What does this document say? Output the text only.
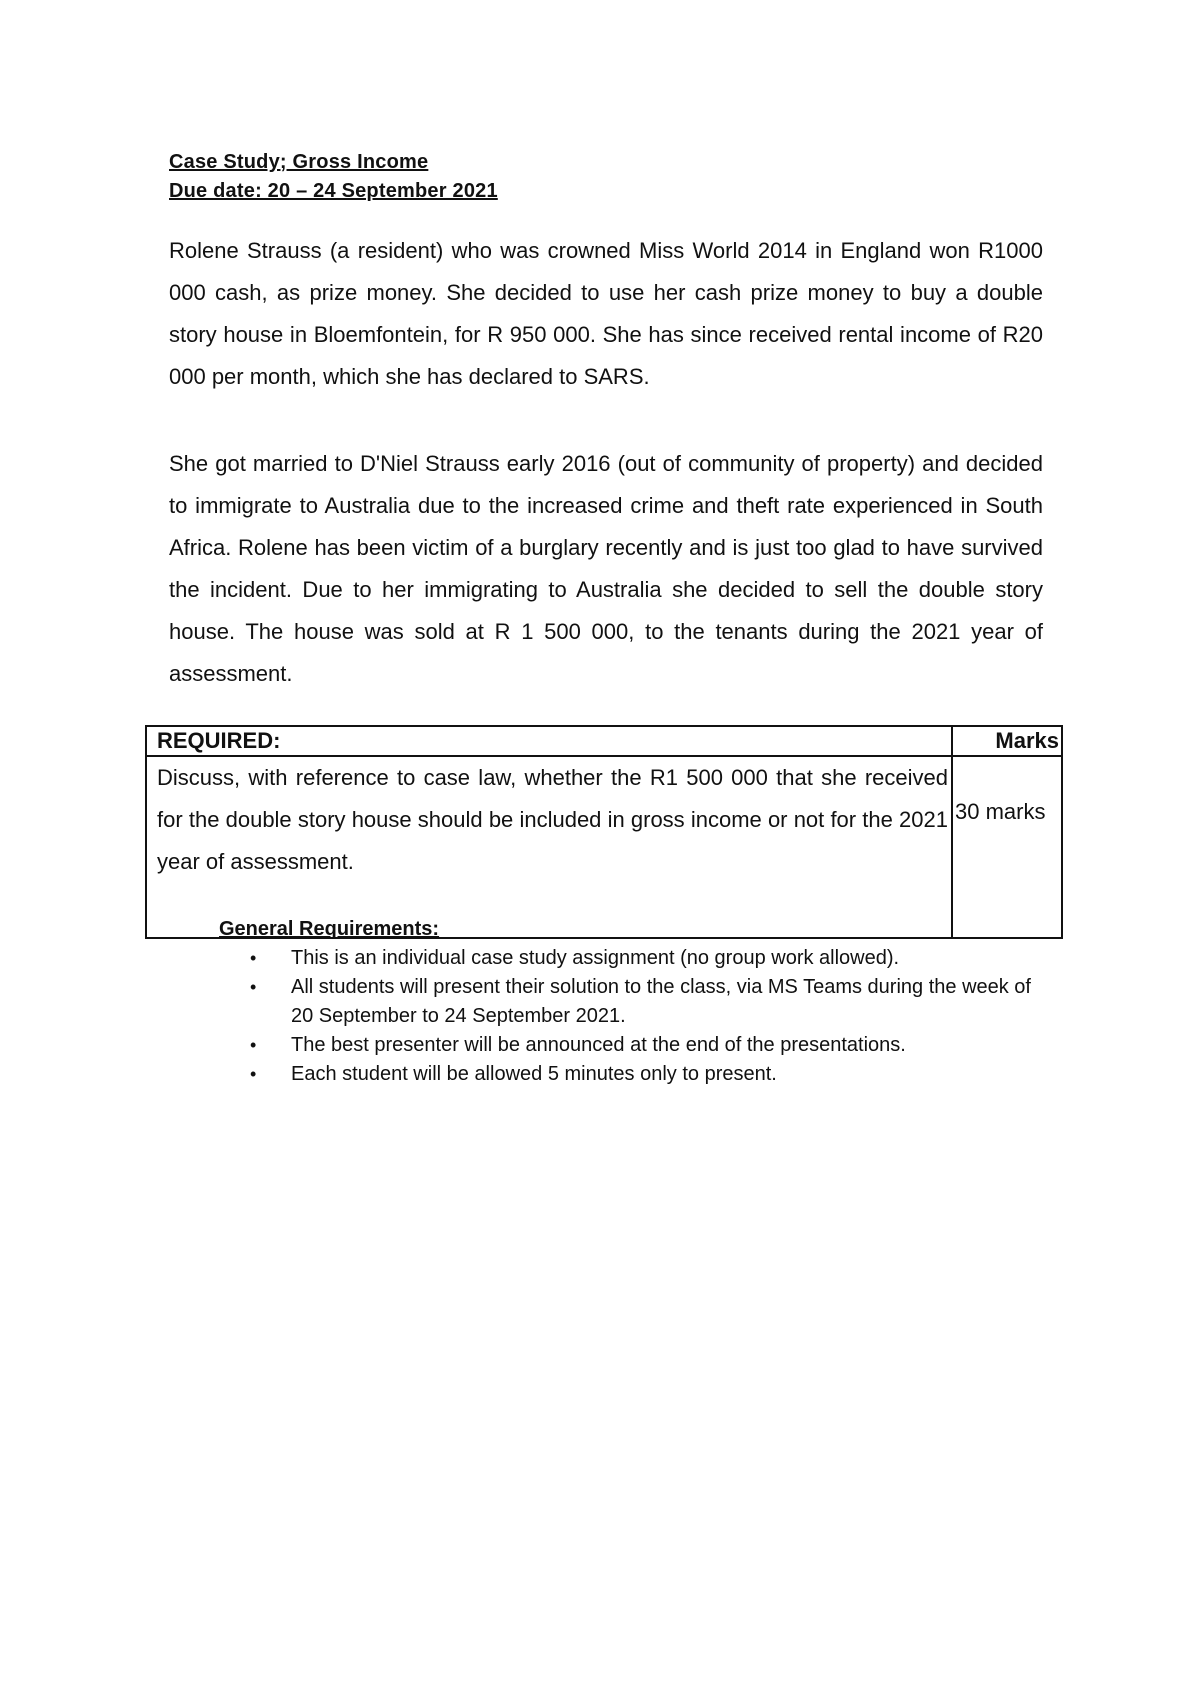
Case Study; Gross Income
Due date: 20 – 24 September 2021

Rolene Strauss (a resident) who was crowned Miss World 2014 in England won R1000 000 cash, as prize money. She decided to use her cash prize money to buy a double story house in Bloemfontein, for R 950 000. She has since received rental income of R20 000 per month, which she has declared to SARS.

She got married to D'Niel Strauss early 2016 (out of community of property) and decided to immigrate to Australia due to the increased crime and theft rate experienced in South Africa. Rolene has been victim of a burglary recently and is just too glad to have survived the incident. Due to her immigrating to Australia she decided to sell the double story house. The house was sold at R 1 500 000, to the tenants during the 2021 year of assessment.

REQUIRED:	Marks
Discuss, with reference to case law, whether the R1 500 000 that she received for the double story house should be included in gross income or not for the 2021 year of assessment.	30 marks
General Requirements:
• This is an individual case study assignment (no group work allowed).
• All students will present their solution to the class, via MS Teams during the week of 20 September to 24 September 2021.
• The best presenter will be announced at the end of the presentations.
• Each student will be allowed 5 minutes only to present.
